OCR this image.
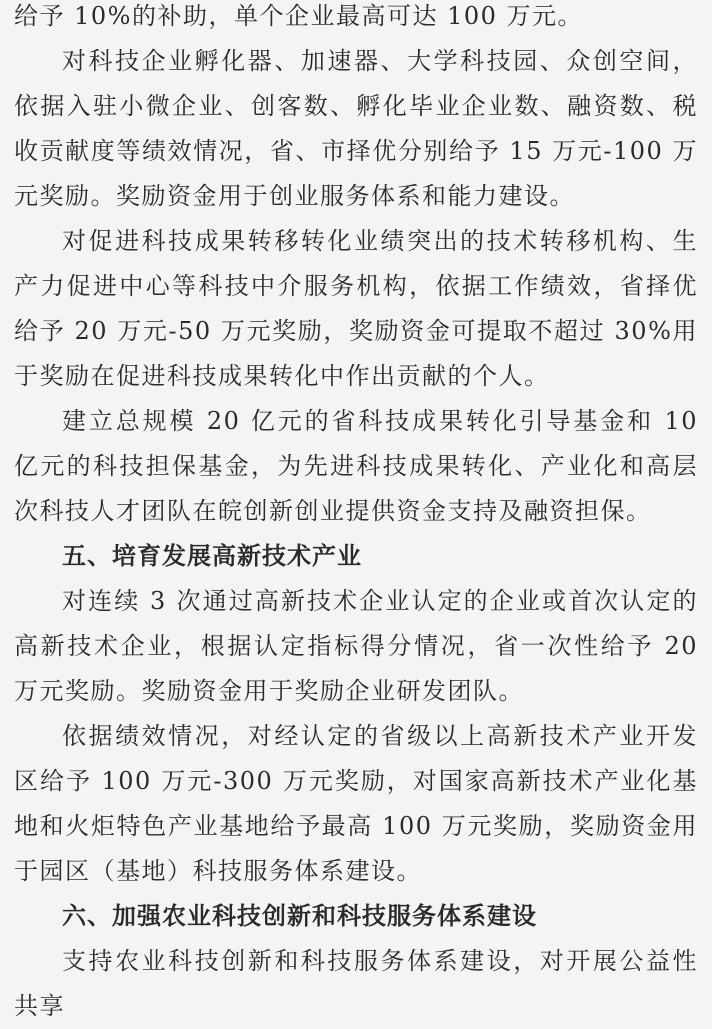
给予 10%的补助，单个企业最高可达 100 万元。

对科技企业孵化器、加速器、大学科技园、众创空间，依据入驻小微企业、创客数、孵化毕业企业数、融资数、税收贡献度等绩效情况，省、市择优分别给予 15 万元-100 万元奖励。奖励资金用于创业服务体系和能力建设。

对促进科技成果转移转化业绩突出的技术转移机构、生产力促进中心等科技中介服务机构，依据工作绩效，省择优给予 20 万元-50 万元奖励，奖励资金可提取不超过 30%用于奖励在促进科技成果转化中作出贡献的个人。

建立总规模 20 亿元的省科技成果转化引导基金和 10 亿元的科技担保基金，为先进科技成果转化、产业化和高层次科技人才团队在皖创新创业提供资金支持及融资担保。

五、培育发展高新技术产业

对连续 3 次通过高新技术企业认定的企业或首次认定的高新技术企业，根据认定指标得分情况，省一次性给予 20 万元奖励。奖励资金用于奖励企业研发团队。

依据绩效情况，对经认定的省级以上高新技术产业开发区给予 100 万元-300 万元奖励，对国家高新技术产业化基地和火炬特色产业基地给予最高 100 万元奖励，奖励资金用于园区（基地）科技服务体系建设。

六、加强农业科技创新和科技服务体系建设

支持农业科技创新和科技服务体系建设，对开展公益性共享
